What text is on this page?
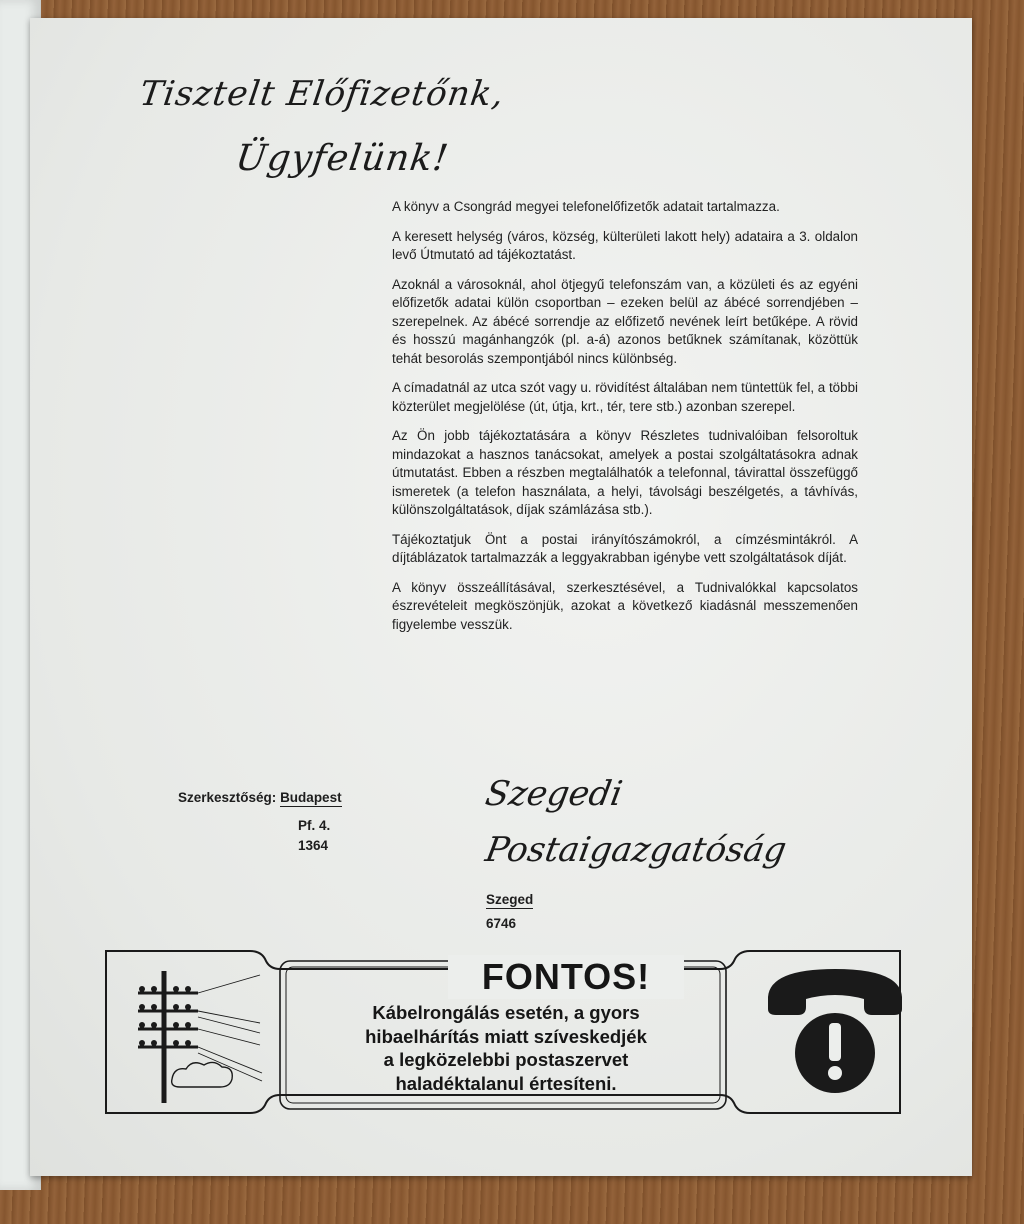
Tisztelt Előfizetőnk,
Ügyfelünk!

A könyv a Csongrád megyei telefonelőfizetők adatait tartalmazza.

A keresett helység (város, község, külterületi lakott hely) adataira a 3. oldalon levő Útmutató ad tájékoztatást.

Azoknál a városoknál, ahol ötjegyű telefonszám van, a közületi és az egyéni előfizetők adatai külön csoportban – ezeken belül az ábécé sorrendjében – szerepelnek. Az ábécé sorrendje az előfizető nevének leírt betűképe. A rövid és hosszú magánhangzók (pl. a-á) azonos betűknek számítanak, közöttük tehát besorolás szempontjából nincs különbség.

A címadatnál az utca szót vagy u. rövidítést általában nem tüntettük fel, a többi közterület megjelölése (út, útja, krt., tér, tere stb.) azonban szerepel.

Az Ön jobb tájékoztatására a könyv Részletes tudnivalóiban felsoroltuk mindazokat a hasznos tanácsokat, amelyek a postai szolgáltatásokra adnak útmutatást. Ebben a részben megtalálhatók a telefonnal, távirattal összefüggő ismeretek (a telefon használata, a helyi, távolsági beszélgetés, a távhívás, különszolgáltatások, díjak számlázása stb.).

Tájékoztatjuk Önt a postai irányítószámokról, a címzésmintákról. A díjtáblázatok tartalmazzák a leggyakrabban igénybe vett szolgáltatások díját.

A könyv összeállításával, szerkesztésével, a Tudnivalókkal kapcsolatos észrevételeit megköszönjük, azokat a következő kiadásnál messzemenően figyelembe vesszük.

Szerkesztőség: Budapest
Pf. 4.
1364
Szegedi
Postaigazgatóság
Szeged
6746
FONTOS!
Kábelrongálás esetén, a gyors
hibaelhárítás miatt szíveskedjék
a legközelebbi postaszervet
haladéktalanul értesíteni.
